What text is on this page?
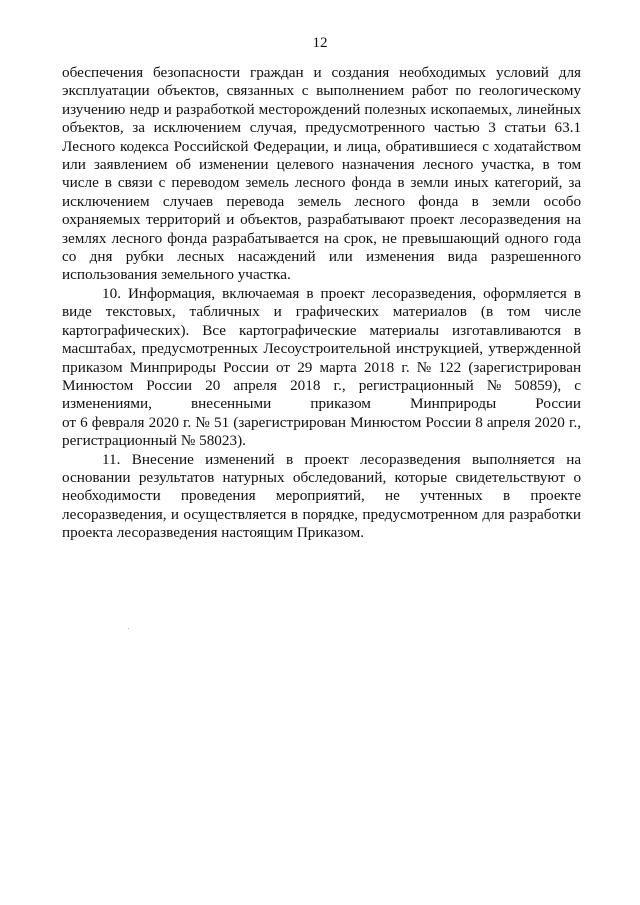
12
обеспечения безопасности граждан и создания необходимых условий для
эксплуатации объектов, связанных с выполнением работ по геологическому
изучению недр и разработкой месторождений полезных ископаемых, линейных
объектов, за исключением случая, предусмотренного частью 3 статьи 63.1
Лесного кодекса Российской Федерации, и лица, обратившиеся с ходатайством
или заявлением об изменении целевого назначения лесного участка, в том
числе в связи с переводом земель лесного фонда в земли иных категорий, за
исключением случаев перевода земель лесного фонда в земли особо
охраняемых территорий и объектов, разрабатывают проект лесоразведения на
землях лесного фонда разрабатывается на срок, не превышающий одного года
со дня рубки лесных насаждений или изменения вида разрешенного
использования земельного участка.
10. Информация, включаемая в проект лесоразведения, оформляется в
виде текстовых, табличных и графических материалов (в том числе
картографических). Все картографические материалы изготавливаются в
масштабах, предусмотренных Лесоустроительной инструкцией, утвержденной
приказом Минприроды России от 29 марта 2018 г. № 122 (зарегистрирован
Минюстом России 20 апреля 2018 г., регистрационный № 50859), с
изменениями,	внесенными	приказом	Минприроды	России
от 6 февраля 2020 г. № 51 (зарегистрирован Минюстом России 8 апреля 2020 г.,
регистрационный № 58023).
11. Внесение изменений в проект лесоразведения выполняется на
основании результатов натурных обследований, которые свидетельствуют о
необходимости проведения мероприятий, не учтенных в проекте
лесоразведения, и осуществляется в порядке, предусмотренном для разработки
проекта лесоразведения настоящим Приказом.
